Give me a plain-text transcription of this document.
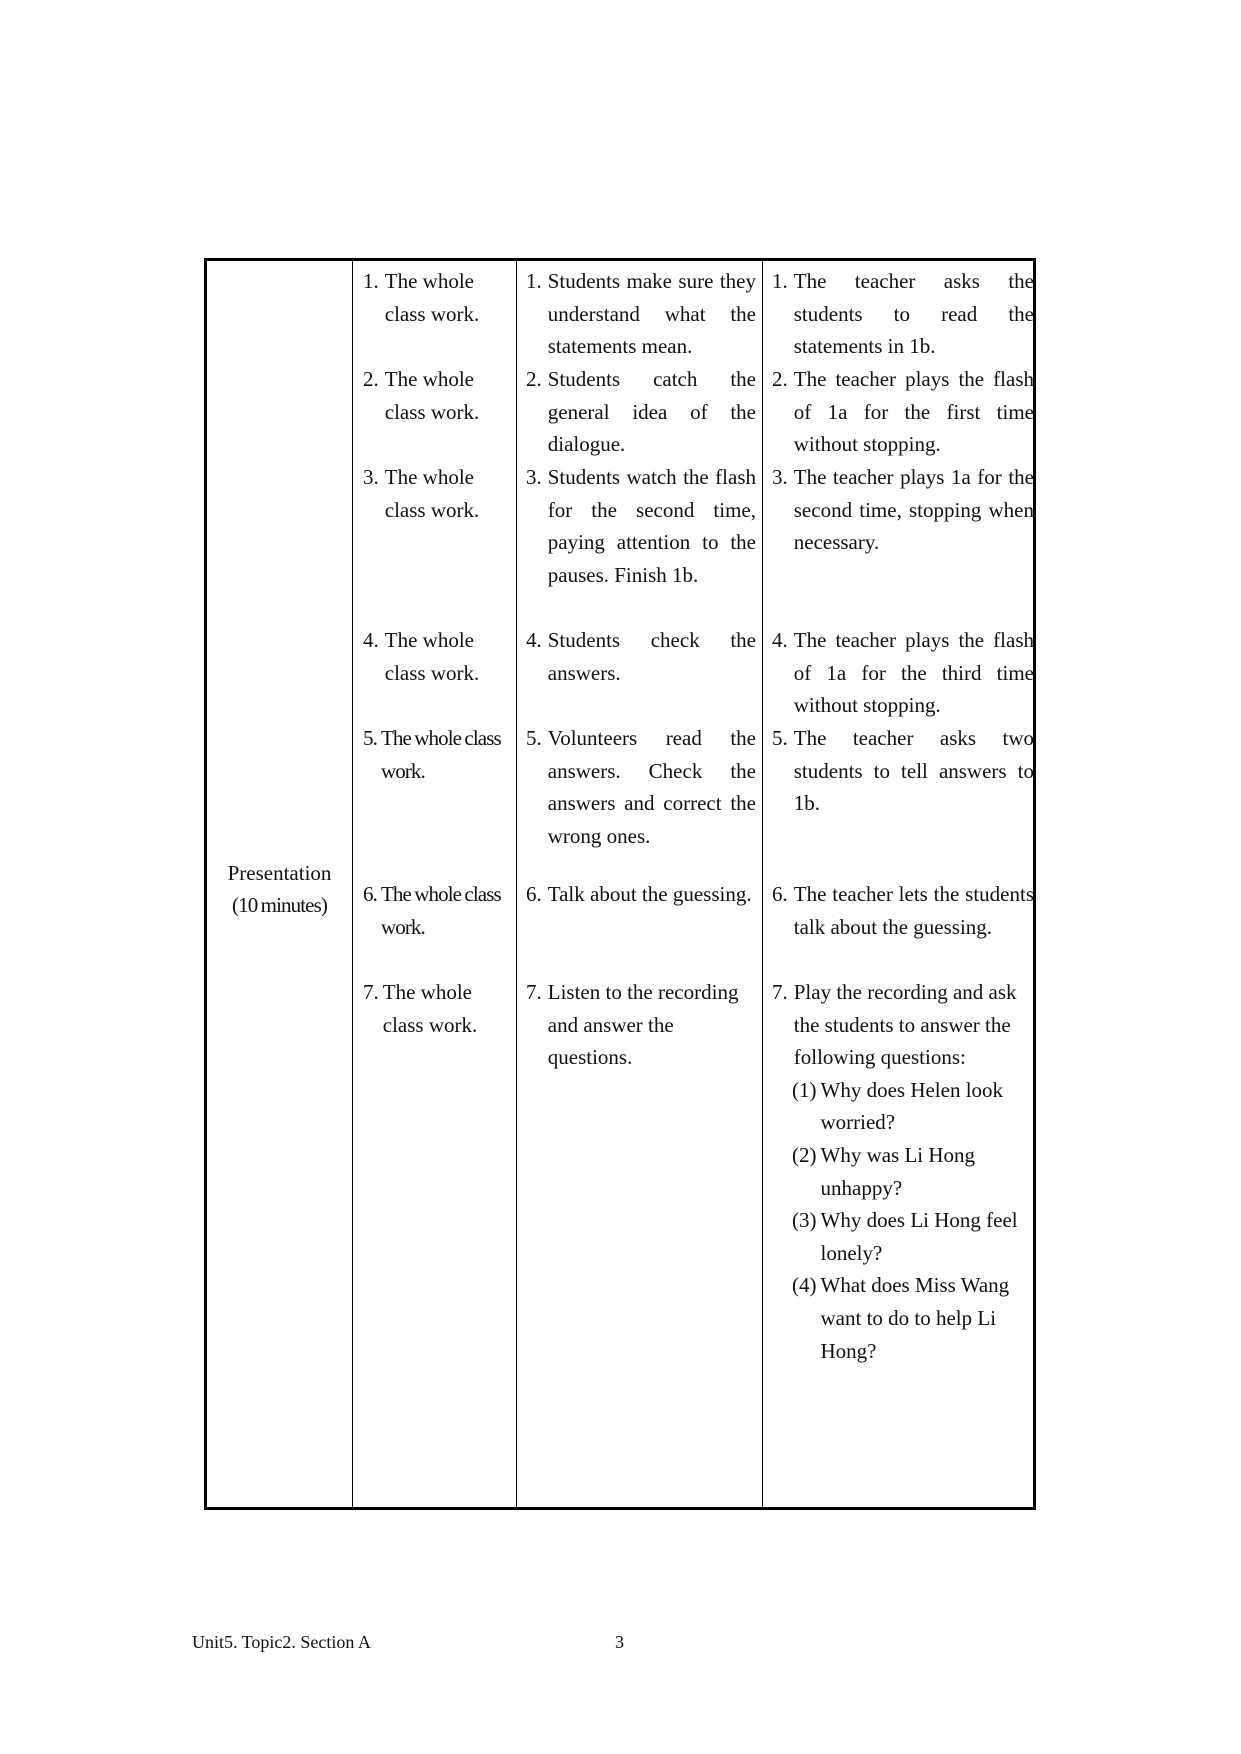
Presentation
(10 minutes)
1. The whole class work.
1. Students make sure they understand what the statements mean.
1. The teacher asks the students to read the statements in 1b.
2. The whole class work.
2. Students catch the general idea of the dialogue.
2. The teacher plays the flash of 1a for the first time without stopping.
3. The whole class work.
3. Students watch the flash for the second time, paying attention to the pauses. Finish 1b.
3. The teacher plays 1a for the second time, stopping when necessary.
4. The whole class work.
4. Students check the answers.
4. The teacher plays the flash of 1a for the third time without stopping.
5. The whole class work.
5. Volunteers read the answers. Check the answers and correct the wrong ones.
5. The teacher asks two students to tell answers to 1b.
6. The whole class work.
6. Talk about the guessing. 6. The teacher lets the students talk about the guessing.
7. The whole class work.
7. Listen to the recording and answer the questions.
7. Play the recording and ask the students to answer the following questions:
(1) Why does Helen look worried?
(2) Why was Li Hong unhappy?
(3) Why does Li Hong feel lonely?
(4) What does Miss Wang want to do to help Li Hong?
Unit5. Topic2. Section A	3
